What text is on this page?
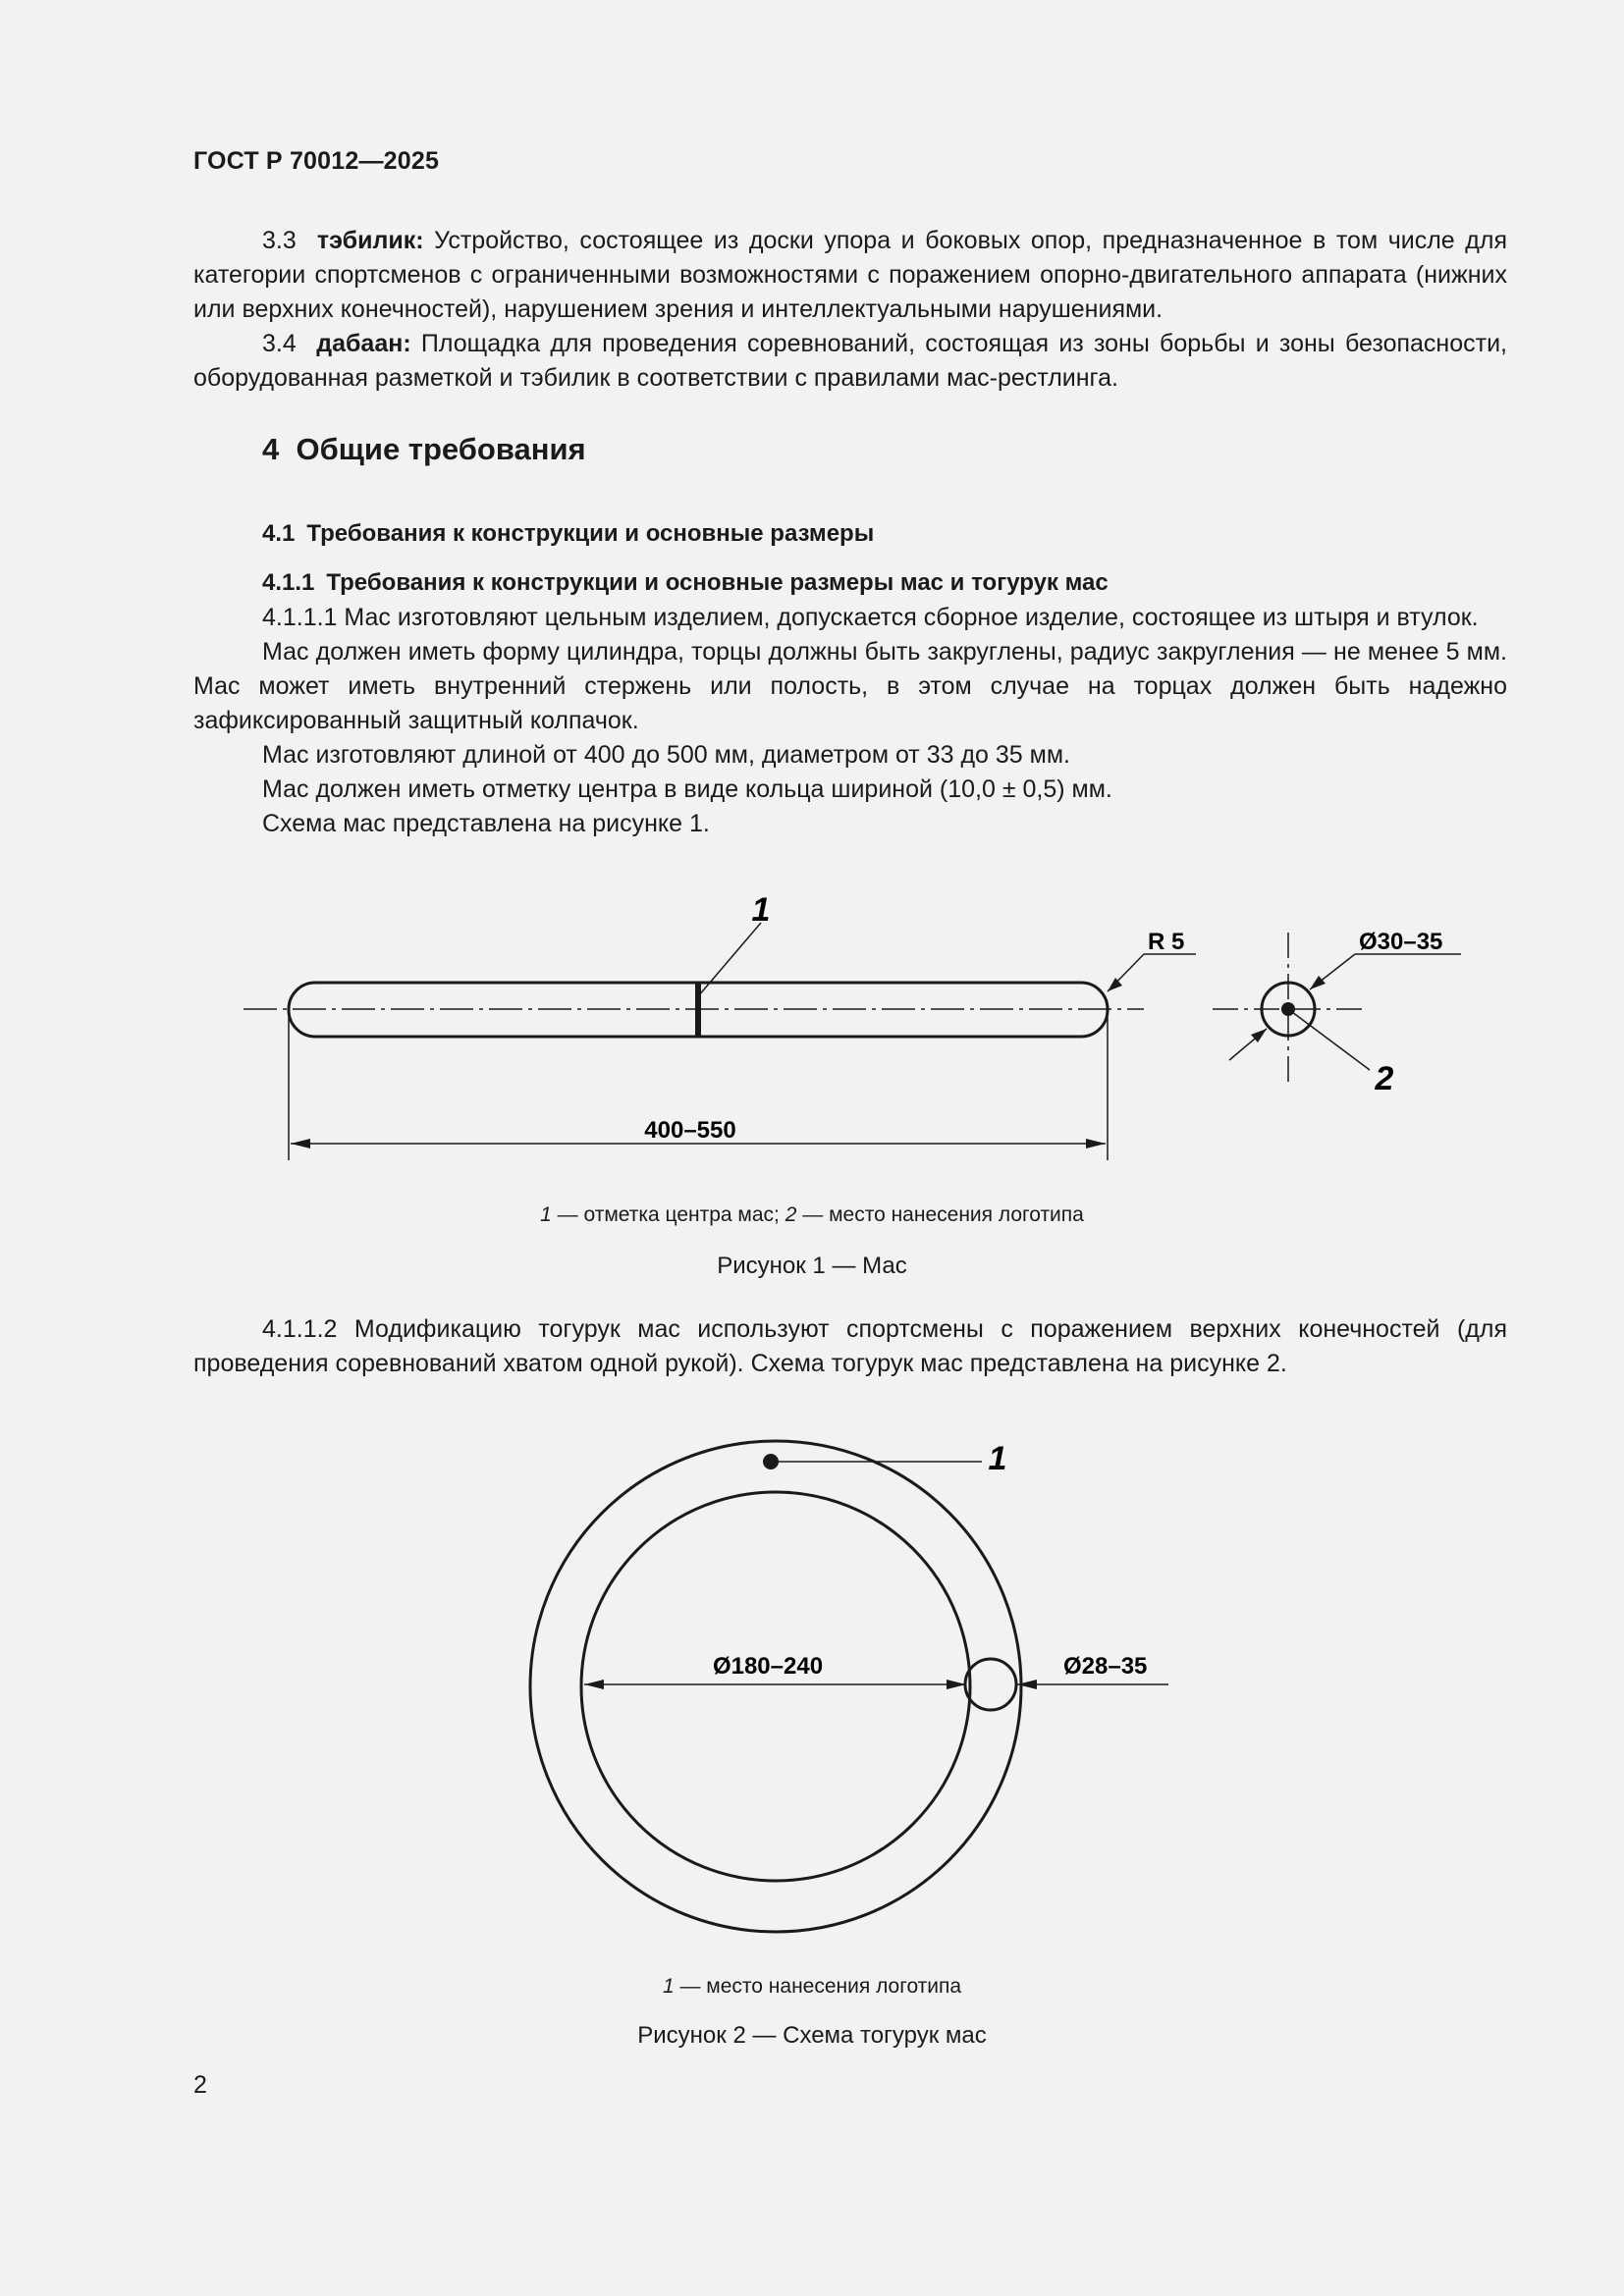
ГОСТ Р 70012—2025

3.3 тэбилик: Устройство, состоящее из доски упора и боковых опор, предназначенное в том числе для категории спортсменов с ограниченными возможностями с поражением опорно-двигательного аппарата (нижних или верхних конечностей), нарушением зрения и интеллектуальными нарушениями.

3.4 дабаан: Площадка для проведения соревнований, состоящая из зоны борьбы и зоны безопасности, оборудованная разметкой и тэбилик в соответствии с правилами мас-рестлинга.

4 Общие требования
4.1 Требования к конструкции и основные размеры
4.1.1 Требования к конструкции и основные размеры мас и тогурук мас

4.1.1.1 Мас изготовляют цельным изделием, допускается сборное изделие, состоящее из штыря и втулок.

Мас должен иметь форму цилиндра, торцы должны быть закруглены, радиус закругления — не менее 5 мм. Мас может иметь внутренний стержень или полость, в этом случае на торцах должен быть надежно зафиксированный защитный колпачок.

Мас изготовляют длиной от 400 до 500 мм, диаметром от 33 до 35 мм.

Мас должен иметь отметку центра в виде кольца шириной (10,0 ± 0,5) мм.

Схема мас представлена на рисунке 1.

1
R 5	Ø30–35
2
400–550
1 — отметка центра мас; 2 — место нанесения логотипа
Рисунок 1 — Мас

4.1.1.2 Модификацию тогурук мас используют спортсмены с поражением верхних конечностей (для проведения соревнований хватом одной рукой). Схема тогурук мас представлена на рисунке 2.

1
Ø180–240	Ø28–35
1 — место нанесения логотипа
Рисунок 2 — Схема тогурук мас
2
